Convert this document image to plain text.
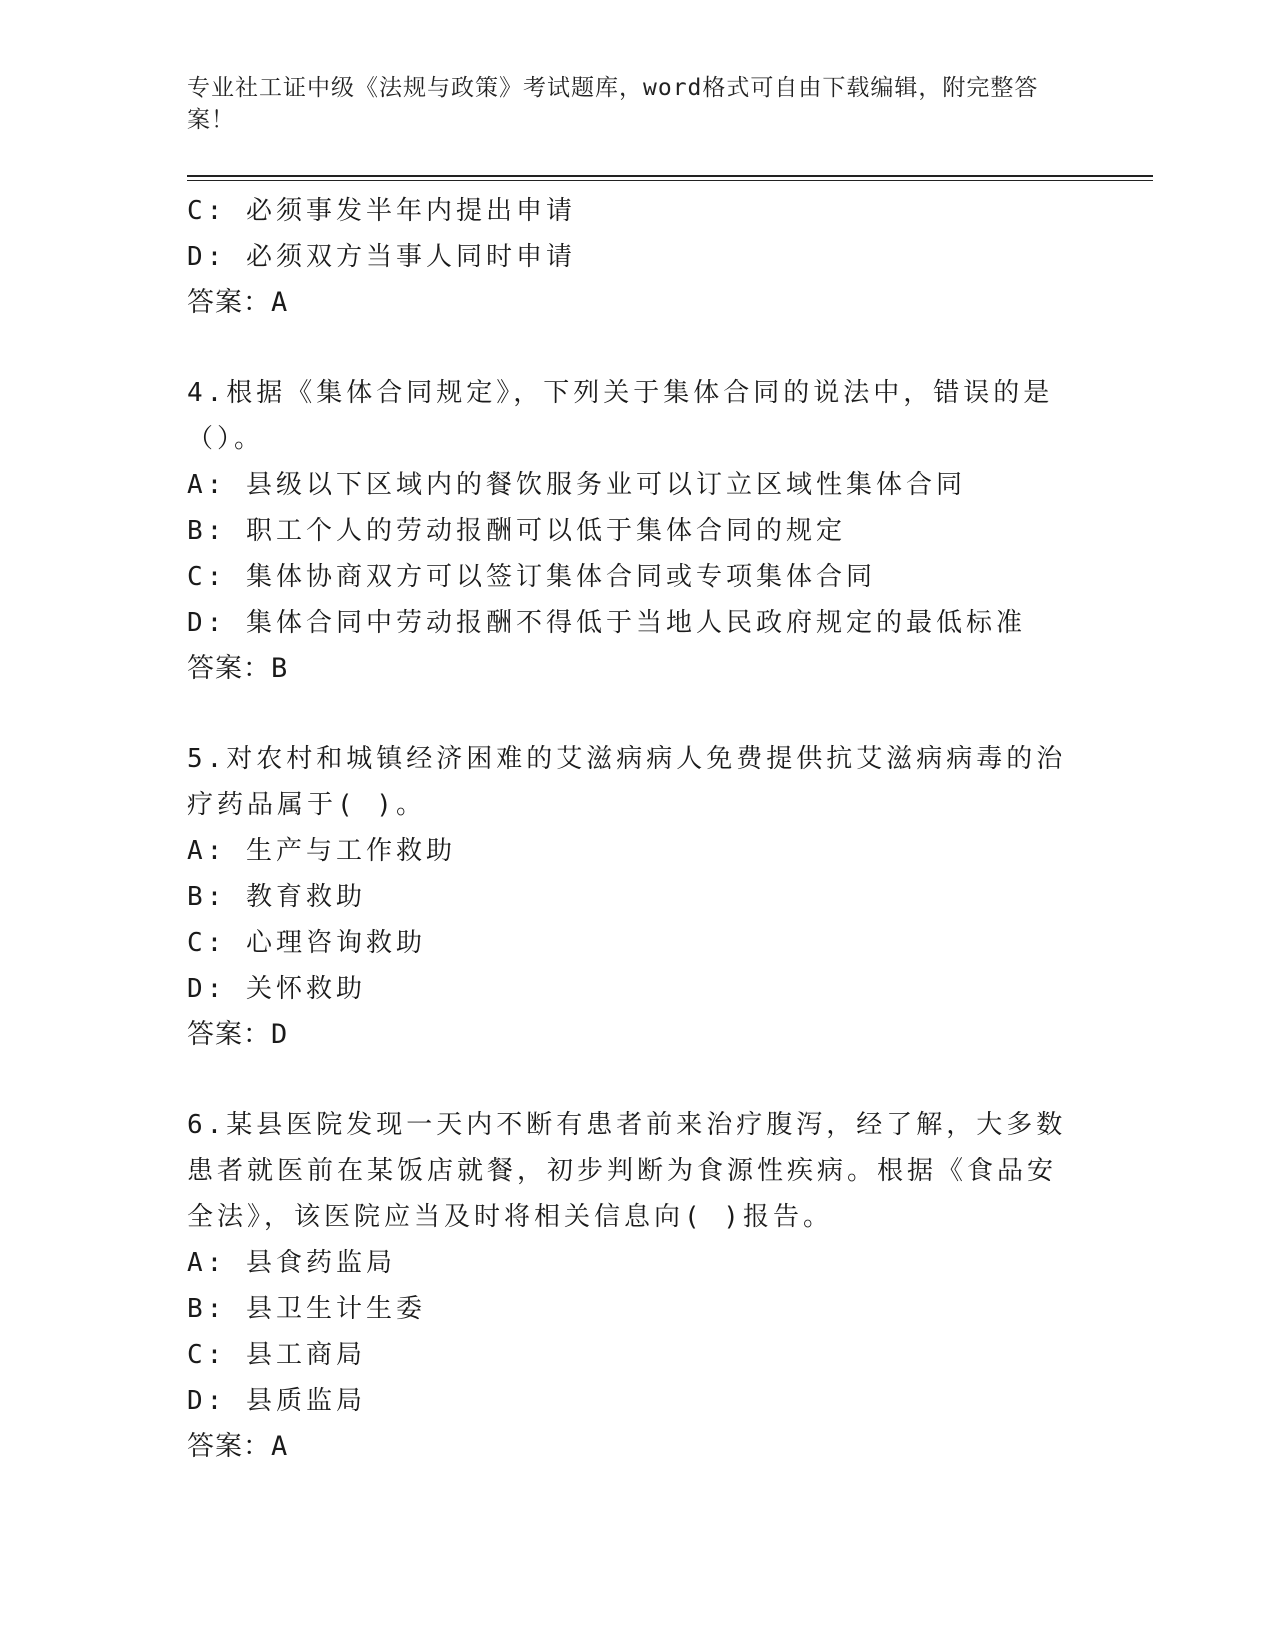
专业社工证中级《法规与政策》考试题库，word格式可自由下载编辑，附完整答案！
C: 必须事发半年内提出申请
D: 必须双方当事人同时申请
答案：A
4.根据《集体合同规定》，下列关于集体合同的说法中，错误的是（）。
A: 县级以下区域内的餐饮服务业可以订立区域性集体合同
B: 职工个人的劳动报酬可以低于集体合同的规定
C: 集体协商双方可以签订集体合同或专项集体合同
D: 集体合同中劳动报酬不得低于当地人民政府规定的最低标准
答案：B
5.对农村和城镇经济困难的艾滋病病人免费提供抗艾滋病病毒的治疗药品属于( )。
A: 生产与工作救助
B: 教育救助
C: 心理咨询救助
D: 关怀救助
答案：D
6.某县医院发现一天内不断有患者前来治疗腹泻，经了解，大多数患者就医前在某饭店就餐，初步判断为食源性疾病。根据《食品安全法》，该医院应当及时将相关信息向( )报告。
A: 县食药监局
B: 县卫生计生委
C: 县工商局
D: 县质监局
答案：A
